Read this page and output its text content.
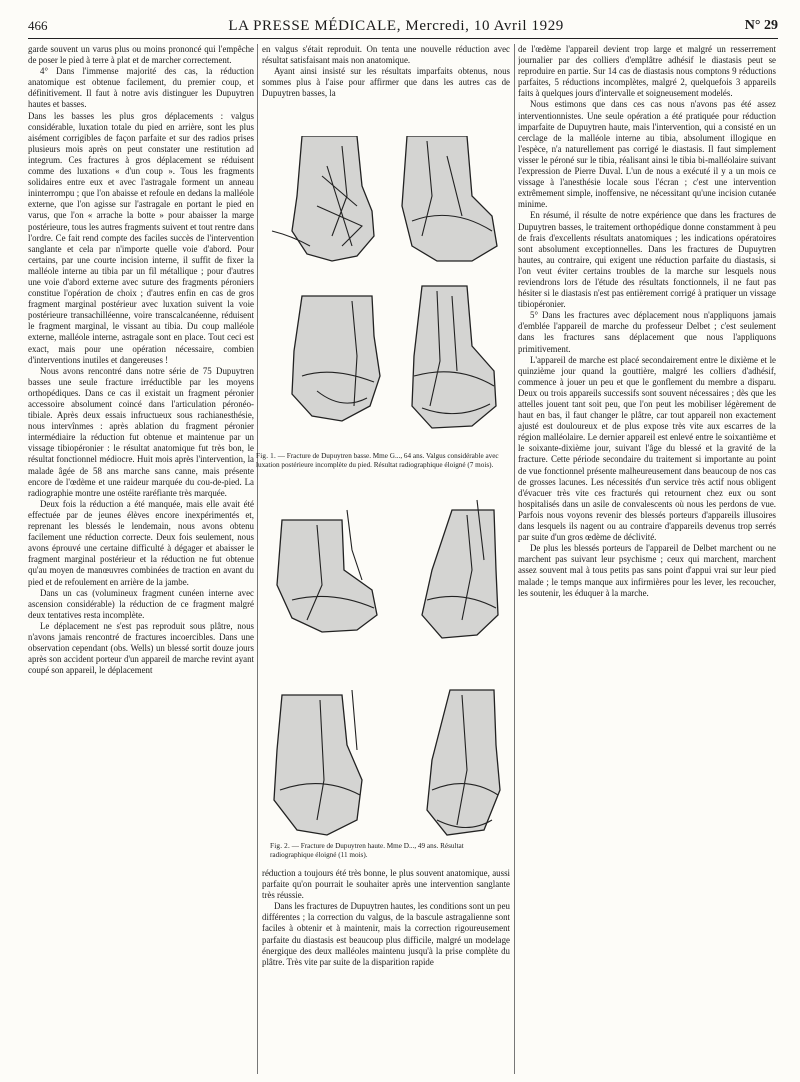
466	LA PRESSE MÉDICALE, Mercredi, 10 Avril 1929	N° 29

garde souvent un varus plus ou moins prononcé qui l'empêche de poser le pied à terre à plat et de marcher correctement.

4° Dans l'immense majorité des cas, la réduction anatomique est obtenue facilement, du premier coup, et définitivement. Il faut à notre avis distinguer les Dupuytren hautes et basses.

Dans les basses les plus gros déplacements : valgus considérable, luxation totale du pied en arrière, sont les plus aisément corrigibles de façon parfaite et sur des radios prises plusieurs mois après on peut constater une restitution ad integrum. Ces fractures à gros déplacement se réduisent comme des luxations « d'un coup ». Tous les fragments solidaires entre eux et avec l'astragale forment un anneau ininterrompu ; que l'on abaisse et refoule en dedans la malléole externe, que l'on agisse sur l'astragale en portant le pied en varus, que l'on « arrache la botte » pour abaisser la marge postérieure, tous les autres fragments suivent et tout rentre dans l'ordre. Ce fait rend compte des faciles succès de l'intervention sanglante et cela par n'importe quelle voie d'abord. Pour certains, par une courte incision interne, il suffit de fixer la malléole interne au tibia par un fil métallique ; pour d'autres une voie d'abord externe avec suture des fragments péroniers constitue l'opération de choix ; d'autres enfin en cas de gros fragment marginal postérieur avec luxation suivent la voie postérieure transachilléenne, voire transcalcanéenne, réduisent le fragment marginal, le vissant au tibia. Du coup malléole externe, malléole interne, astragale sont en place. Tout ceci est exact, mais pour une opération nécessaire, combien d'interventions inutiles et dangereuses !

Nous avons rencontré dans notre série de 75 Dupuytren basses une seule fracture irréductible par les moyens orthopédiques. Dans ce cas il existait un fragment péronier accessoire absolument coincé dans l'articulation péronéo-tibiale. Après deux essais infructueux sous rachianesthésie, nous intervînmes : après ablation du fragment péronier intermédiaire la réduction fut obtenue et maintenue par un vissage tibiopéronier : le résultat anatomique fut très bon, le résultat fonctionnel médiocre. Huit mois après l'intervention, la malade âgée de 58 ans marche sans canne, mais présente encore de l'œdème et une raideur marquée du cou-de-pied. La radiographie montre une ostéite raréfiante très marquée.

Deux fois la réduction a été manquée, mais elle avait été effectuée par de jeunes élèves encore inexpérimentés et, reprenant les blessés le lendemain, nous avons obtenu facilement une réduction correcte. Deux fois seulement, nous avons éprouvé une certaine difficulté à dégager et abaisser le fragment marginal postérieur et la réduction ne fut obtenue qu'au moyen de manœuvres combinées de traction en avant du pied et de refoulement en arrière de la jambe.

Dans un cas (volumineux fragment cunéen interne avec ascension considérable) la réduction de ce fragment malgré deux tentatives resta incomplète.

Le déplacement ne s'est pas reproduit sous plâtre, nous n'avons jamais rencontré de fractures incoercibles. Dans une observation cependant (obs. Wells) un blessé sortit douze jours après son accident porteur d'un appareil de marche revint ayant coupé son appareil, le déplacement

en valgus s'était reproduit. On tenta une nouvelle réduction avec résultat satisfaisant mais non anatomique.

Ayant ainsi insisté sur les résultats imparfaits obtenus, nous sommes plus à l'aise pour affirmer que dans les autres cas de Dupuytren basses, la

Fig. 1. — Fracture de Dupuytren basse. Mme G..., 64 ans. Valgus considérable avec luxation postérieure incomplète du pied. Résultat radiographique éloigné (7 mois).
Fig. 2. — Fracture de Dupuytren haute. Mme D..., 49 ans. Résultat radiographique éloigné (11 mois).

réduction a toujours été très bonne, le plus souvent anatomique, aussi parfaite qu'on pourrait le souhaiter après une intervention sanglante très réussie.

Dans les fractures de Dupuytren hautes, les conditions sont un peu différentes ; la correction du valgus, de la bascule astragalienne sont faciles à obtenir et à maintenir, mais la correction rigoureusement parfaite du diastasis est beaucoup plus difficile, malgré un modelage énergique des deux malléoles maintenu jusqu'à la prise complète du plâtre. Très vite par suite de la disparition rapide

de l'œdème l'appareil devient trop large et malgré un resserrement journalier par des colliers d'emplâtre adhésif le diastasis peut se reproduire en partie. Sur 14 cas de diastasis nous comptons 9 réductions parfaites, 5 réductions incomplètes, malgré 2, quelquefois 3 appareils faits à quelques jours d'intervalle et soigneusement modelés.

Nous estimons que dans ces cas nous n'avons pas été assez interventionnistes. Une seule opération a été pratiquée pour réduction imparfaite de Dupuytren haute, mais l'intervention, qui a consisté en un cerclage de la malléole interne au tibia, absolument illogique en l'espèce, n'a naturellement pas corrigé le diastasis. Il faut simplement visser le péroné sur le tibia, réalisant ainsi le tibia bi-malléolaire suivant l'expression de Pierre Duval. L'un de nous a exécuté il y a un mois ce vissage à l'anesthésie locale sous l'écran ; c'est une intervention extrêmement simple, inoffensive, ne nécessitant qu'une incision cutanée minime.

En résumé, il résulte de notre expérience que dans les fractures de Dupuytren basses, le traitement orthopédique donne constamment à peu de frais d'excellents résultats anatomiques ; les indications opératoires sont absolument exceptionnelles. Dans les fractures de Dupuytren hautes, au contraire, qui exigent une réduction parfaite du diastasis, si l'on veut éviter certains troubles de la marche sur lesquels nous reviendrons lors de l'étude des résultats fonctionnels, il ne faut pas hésiter si le diastasis n'est pas entièrement corrigé à pratiquer un vissage tibiopéronier.

5° Dans les fractures avec déplacement nous n'appliquons jamais d'emblée l'appareil de marche du professeur Delbet ; c'est seulement dans les fractures sans déplacement que nous l'appliquons primitivement.

L'appareil de marche est placé secondairement entre le dixième et le quinzième jour quand la gouttière, malgré les colliers d'adhésif, commence à jouer un peu et que le gonflement du membre a disparu. Deux ou trois appareils successifs sont souvent nécessaires ; dès que les attelles jouent tant soit peu, que l'on peut les mobiliser légèrement de haut en bas, il faut changer le plâtre, car tout appareil non exactement ajusté est douloureux et de plus expose très vite aux escarres de la région malléolaire. Le dernier appareil est enlevé entre le soixantième et le soixante-dixième jour, suivant l'âge du blessé et la gravité de la fracture. Cette période secondaire du traitement si importante au point de vue fonctionnel présente malheureusement dans beaucoup de nos cas de grosses lacunes. Les nécessités d'un service très actif nous obligent d'évacuer très vite ces fracturés qui retournent chez eux ou sont hospitalisés dans un asile de convalescents où nous les perdons de vue. Parfois nous voyons revenir des blessés porteurs d'appareils illusoires dans lesquels ils nagent ou au contraire d'appareils devenus trop serrés par suite d'un gros œdème de déclivité.

De plus les blessés porteurs de l'appareil de Delbet marchent ou ne marchent pas suivant leur psychisme ; ceux qui marchent, marchent assez souvent mal à tous petits pas sans point d'appui vrai sur leur pied malade ; le temps manque aux infirmières pour les lever, les recoucher, les soutenir, les éduquer à la marche.
